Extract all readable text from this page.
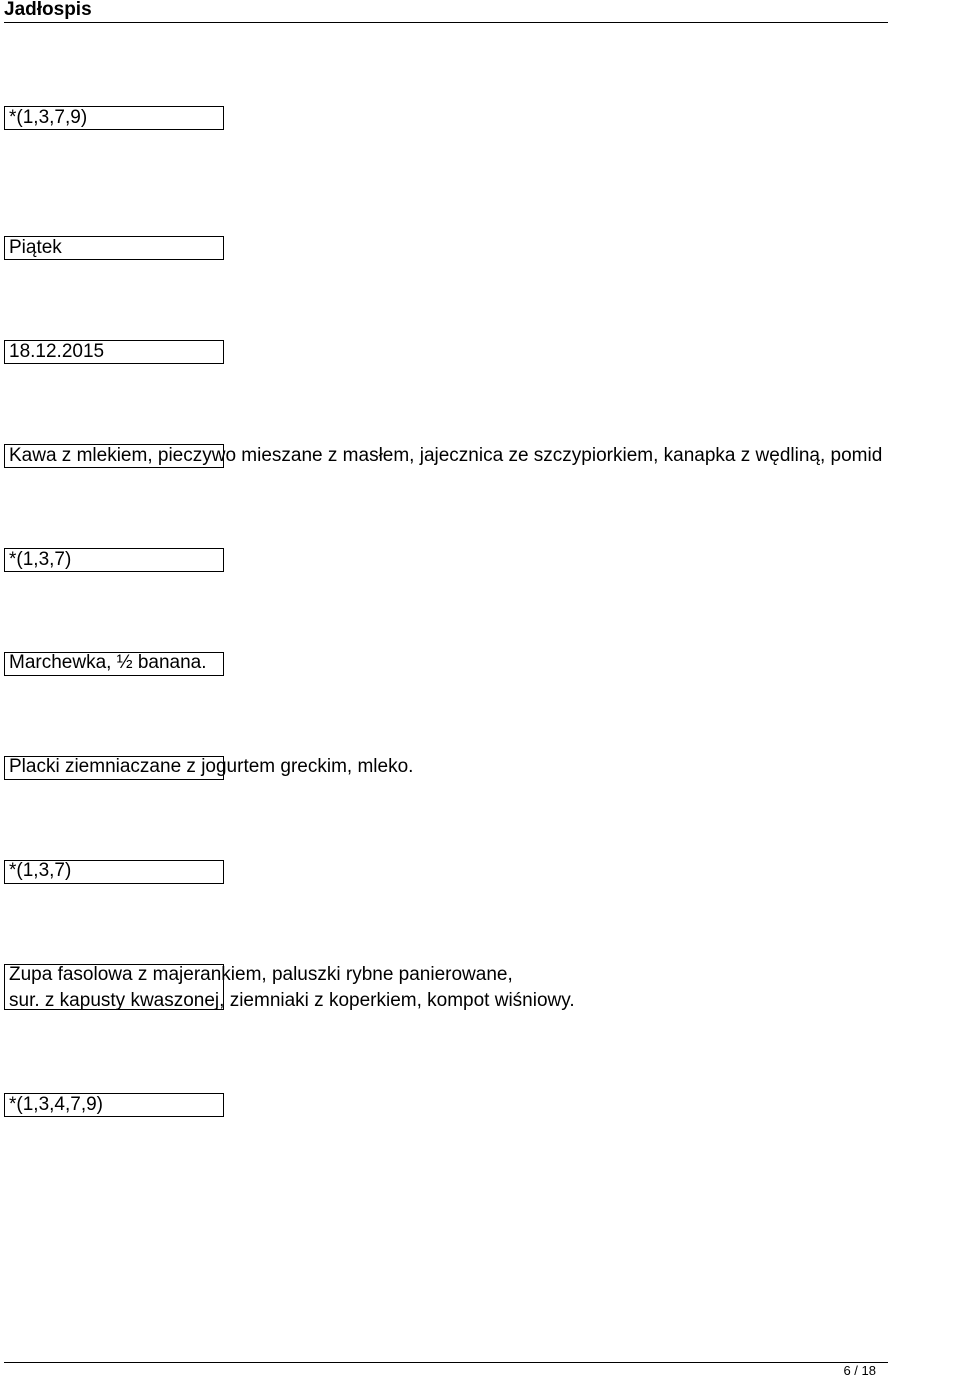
Jadłospis
*(1,3,7,9)
Piątek
18.12.2015
Kawa z mlekiem, pieczywo mieszane z masłem, jajecznica ze szczypiorkiem, kanapka z wędliną, pomid
*(1,3,7)
Marchewka, ½ banana.
Placki ziemniaczane z jogurtem greckim, mleko.
*(1,3,7)
Zupa fasolowa z majerankiem, paluszki rybne panierowane,
sur. z kapusty kwaszonej, ziemniaki z koperkiem, kompot wiśniowy.
*(1,3,4,7,9)
6 / 18
